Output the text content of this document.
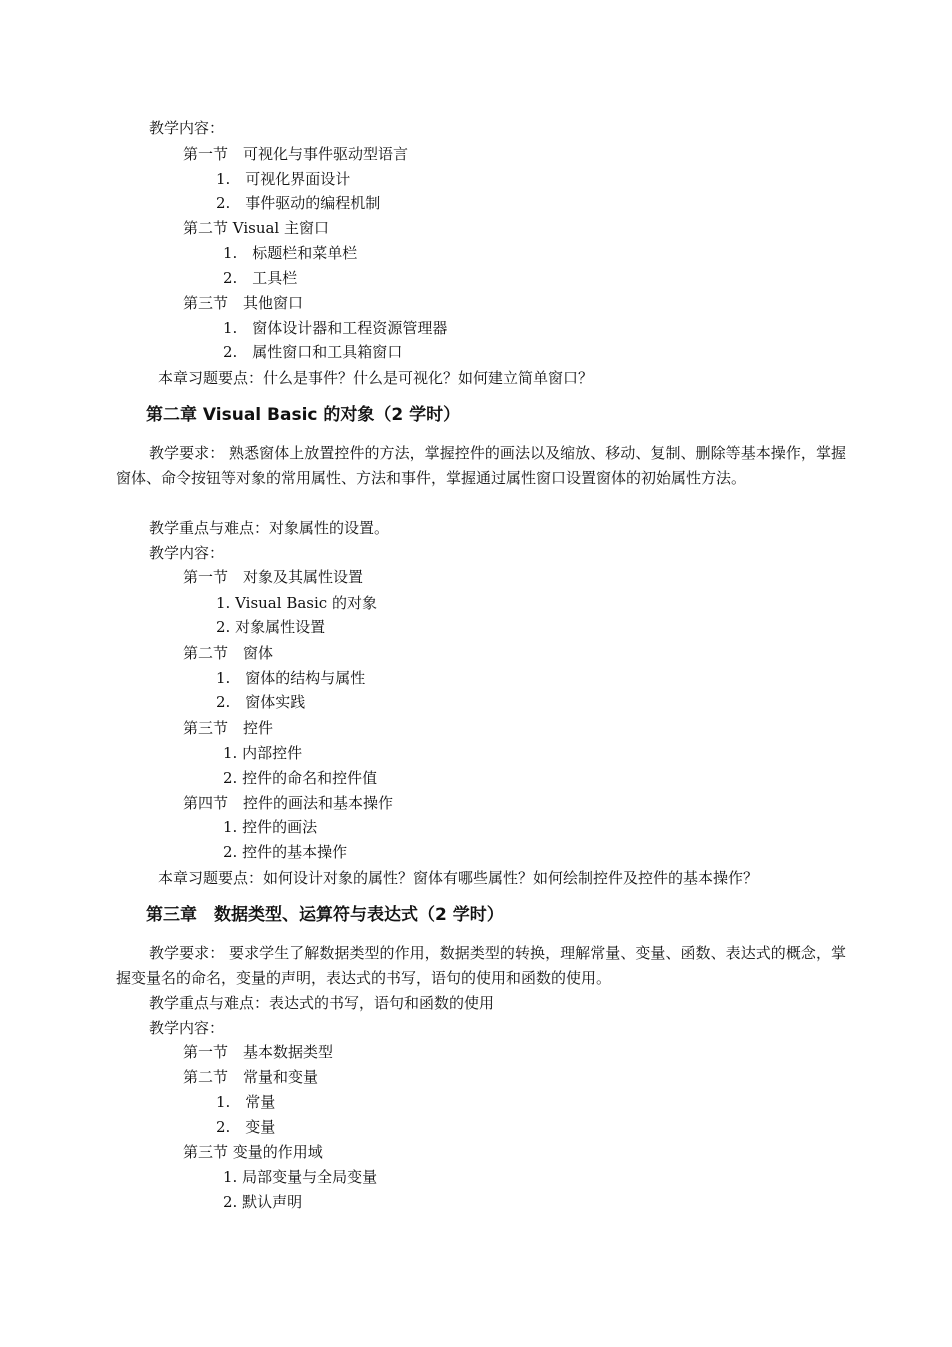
教学内容：
第一节　可视化与事件驱动型语言
1.　可视化界面设计
2.　事件驱动的编程机制
第二节 Visual 主窗口
1.　标题栏和菜单栏
2.　工具栏
第三节　其他窗口
1.　窗体设计器和工程资源管理器
2.　属性窗口和工具箱窗口
本章习题要点：什么是事件？什么是可视化？如何建立简单窗口？
第二章 Visual Basic 的对象（2 学时）
教学要求： 熟悉窗体上放置控件的方法，掌握控件的画法以及缩放、移动、复制、删除等基本操作，掌握窗体、命令按钮等对象的常用属性、方法和事件，掌握通过属性窗口设置窗体的初始属性方法。
教学重点与难点：对象属性的设置。
教学内容：
第一节　对象及其属性设置
1. Visual Basic 的对象
2. 对象属性设置
第二节　窗体
1.　窗体的结构与属性
2.　窗体实践
第三节　控件
1. 内部控件
2. 控件的命名和控件值
第四节　控件的画法和基本操作
1. 控件的画法
2. 控件的基本操作
本章习题要点：如何设计对象的属性？窗体有哪些属性？如何绘制控件及控件的基本操作？
第三章　数据类型、运算符与表达式（2 学时）
教学要求： 要求学生了解数据类型的作用，数据类型的转换，理解常量、变量、函数、表达式的概念，掌握变量名的命名，变量的声明，表达式的书写，语句的使用和函数的使用。
教学重点与难点：表达式的书写，语句和函数的使用
教学内容：
第一节　基本数据类型
第二节　常量和变量
1.　常量
2.　变量
第三节 变量的作用域
1. 局部变量与全局变量
2. 默认声明
